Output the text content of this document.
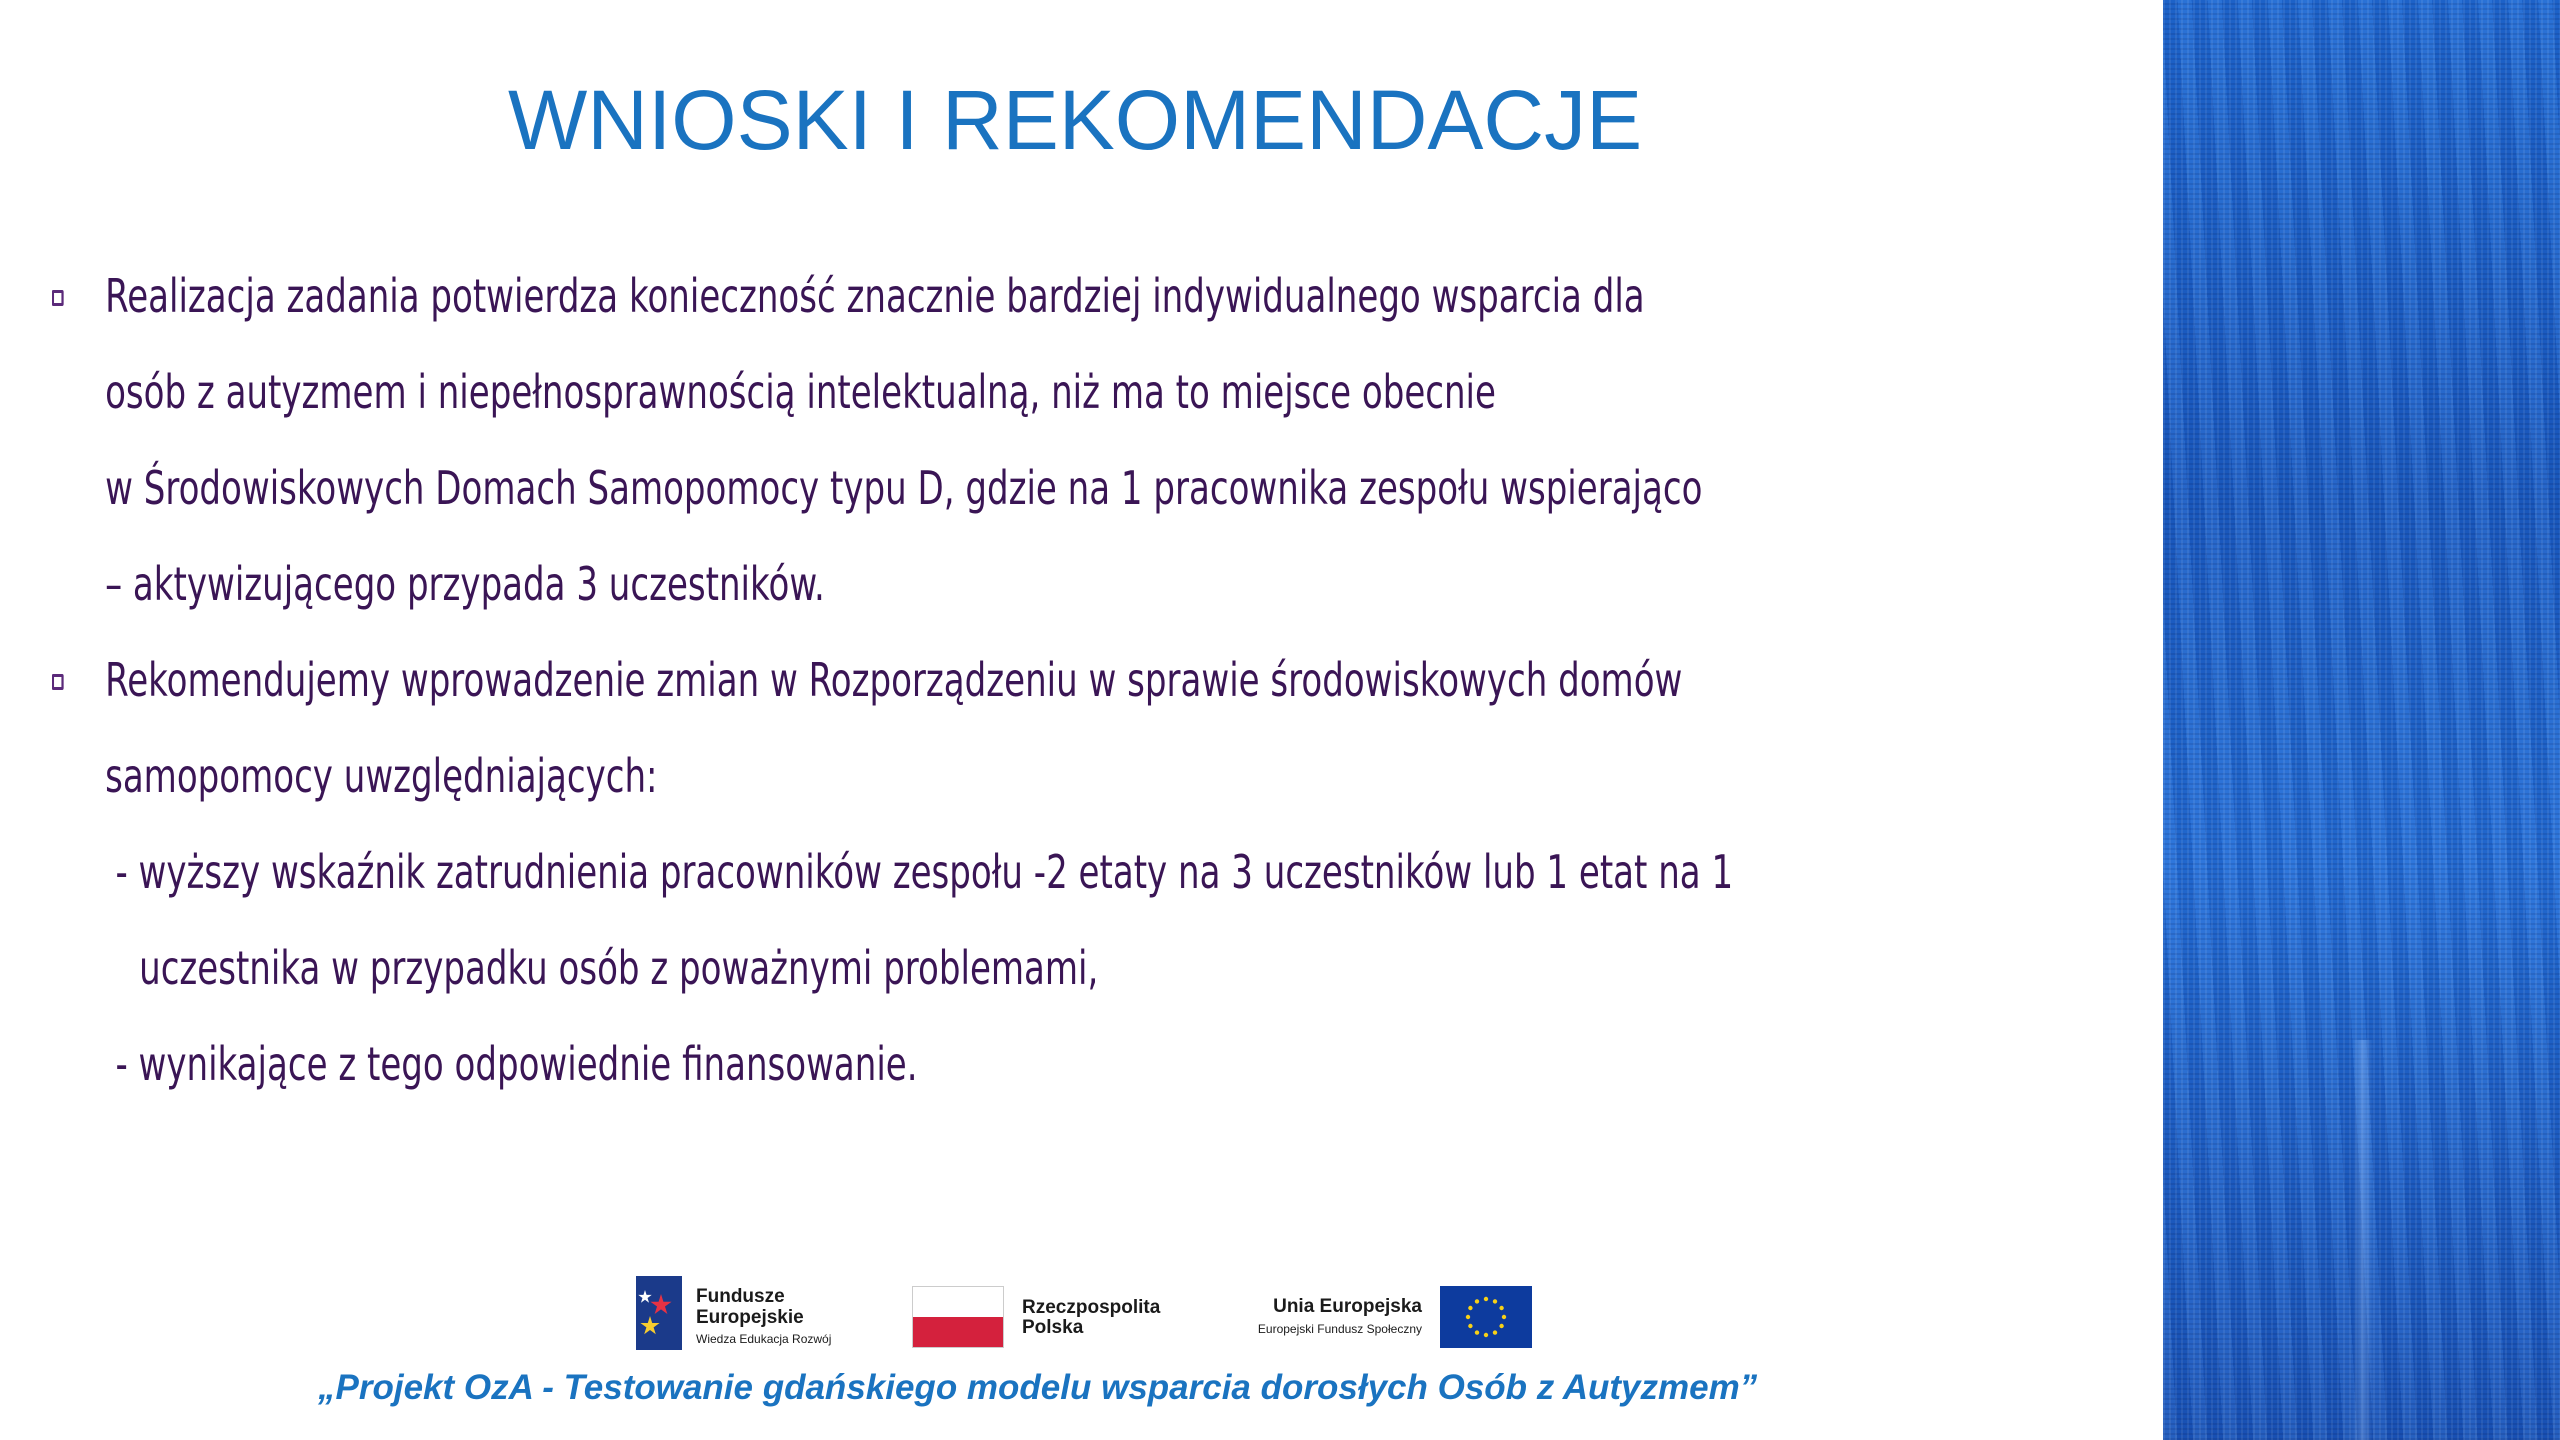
WNIOSKI I REKOMENDACJE
Realizacja zadania potwierdza konieczność znacznie bardziej indywidualnego wsparcia dla
osób z autyzmem i niepełnosprawnością intelektualną, niż ma to miejsce obecnie
w Środowiskowych Domach Samopomocy typu D, gdzie na 1 pracownika zespołu wspierająco
– aktywizującego przypada 3 uczestników.
Rekomendujemy wprowadzenie zmian w Rozporządzeniu w sprawie środowiskowych domów
samopomocy uwzględniających:
- wyższy wskaźnik zatrudnienia pracowników zespołu -2 etaty na 3 uczestników lub 1 etat na 1
uczestnika w przypadku osób z poważnymi problemami,
- wynikające z tego odpowiednie finansowanie.
Fundusze
Europejskie
Wiedza Edukacja Rozwój
Rzeczpospolita
Polska
Unia Europejska
Europejski Fundusz Społeczny
„Projekt OzA - Testowanie gdańskiego modelu wsparcia dorosłych Osób z Autyzmem”
